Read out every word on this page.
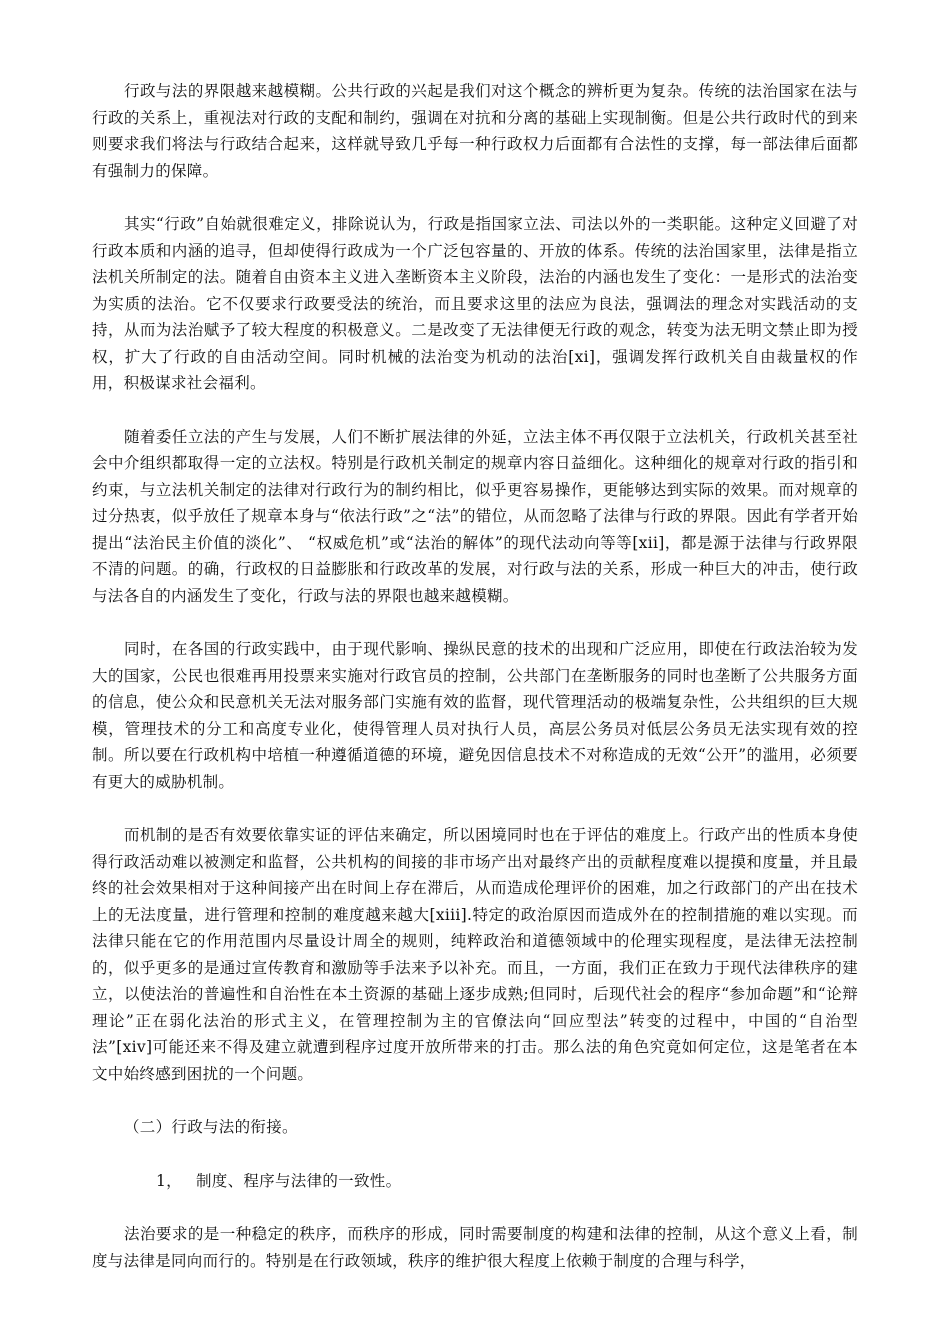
行政与法的界限越来越模糊。公共行政的兴起是我们对这个概念的辨析更为复杂。传统的法治国家在法与行政的关系上，重视法对行政的支配和制约，强调在对抗和分离的基础上实现制衡。但是公共行政时代的到来则要求我们将法与行政结合起来，这样就导致几乎每一种行政权力后面都有合法性的支撑，每一部法律后面都有强制力的保障。

其实“行政”自始就很难定义，排除说认为，行政是指国家立法、司法以外的一类职能。这种定义回避了对行政本质和内涵的追寻，但却使得行政成为一个广泛包容量的、开放的体系。传统的法治国家里，法律是指立法机关所制定的法。随着自由资本主义进入垄断资本主义阶段，法治的内涵也发生了变化：一是形式的法治变为实质的法治。它不仅要求行政要受法的统治，而且要求这里的法应为良法，强调法的理念对实践活动的支持，从而为法治赋予了较大程度的积极意义。二是改变了无法律便无行政的观念，转变为法无明文禁止即为授权，扩大了行政的自由活动空间。同时机械的法治变为机动的法治[xi]，强调发挥行政机关自由裁量权的作用，积极谋求社会福利。

随着委任立法的产生与发展，人们不断扩展法律的外延，立法主体不再仅限于立法机关，行政机关甚至社会中介组织都取得一定的立法权。特别是行政机关制定的规章内容日益细化。这种细化的规章对行政的指引和约束，与立法机关制定的法律对行政行为的制约相比，似乎更容易操作，更能够达到实际的效果。而对规章的过分热衷，似乎放任了规章本身与“依法行政”之“法”的错位，从而忽略了法律与行政的界限。因此有学者开始提出“法治民主价值的淡化”、 “权威危机”或“法治的解体”的现代法动向等等[xii]，都是源于法律与行政界限不清的问题。的确，行政权的日益膨胀和行政改革的发展，对行政与法的关系，形成一种巨大的冲击，使行政与法各自的内涵发生了变化，行政与法的界限也越来越模糊。

同时，在各国的行政实践中，由于现代影响、操纵民意的技术的出现和广泛应用，即使在行政法治较为发大的国家，公民也很难再用投票来实施对行政官员的控制，公共部门在垄断服务的同时也垄断了公共服务方面的信息，使公众和民意机关无法对服务部门实施有效的监督，现代管理活动的极端复杂性，公共组织的巨大规模，管理技术的分工和高度专业化，使得管理人员对执行人员，高层公务员对低层公务员无法实现有效的控制。所以要在行政机构中培植一种遵循道德的环境，避免因信息技术不对称造成的无效“公开”的滥用，必须要有更大的威胁机制。

而机制的是否有效要依靠实证的评估来确定，所以困境同时也在于评估的难度上。行政产出的性质本身使得行政活动难以被测定和监督，公共机构的间接的非市场产出对最终产出的贡献程度难以提摸和度量，并且最终的社会效果相对于这种间接产出在时间上存在滞后，从而造成伦理评价的困难，加之行政部门的产出在技术上的无法度量，进行管理和控制的难度越来越大[xiii].特定的政治原因而造成外在的控制措施的难以实现。而法律只能在它的作用范围内尽量设计周全的规则，纯粹政治和道德领域中的伦理实现程度，是法律无法控制的，似乎更多的是通过宣传教育和激励等手法来予以补充。而且，一方面，我们正在致力于现代法律秩序的建立，以使法治的普遍性和自治性在本土资源的基础上逐步成熟;但同时，后现代社会的程序“参加命题”和“论辩理论”正在弱化法治的形式主义，在管理控制为主的官僚法向“回应型法”转变的过程中，中国的“自治型法”[xiv]可能还来不得及建立就遭到程序过度开放所带来的打击。那么法的角色究竟如何定位，这是笔者在本文中始终感到困扰的一个问题。

（二）行政与法的衔接。

1， 制度、程序与法律的一致性。

法治要求的是一种稳定的秩序，而秩序的形成，同时需要制度的构建和法律的控制，从这个意义上看，制度与法律是同向而行的。特别是在行政领域，秩序的维护很大程度上依赖于制度的合理与科学，
